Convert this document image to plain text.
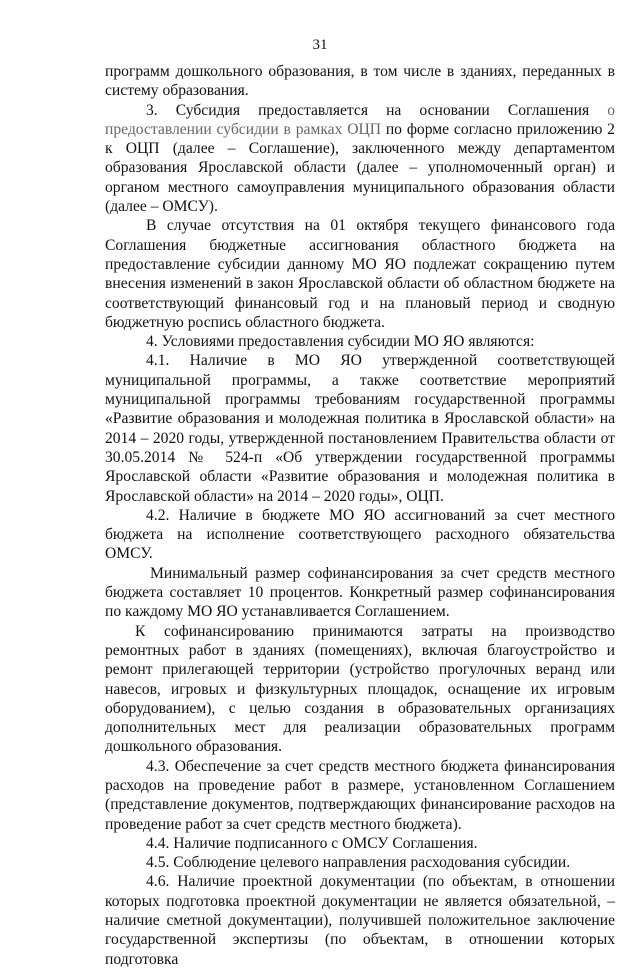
31

программ дошкольного образования, в том числе в зданиях, переданных в систему образования.

3. Субсидия предоставляется на основании Соглашения о предоставлении субсидии в рамках ОЦП по форме согласно приложению 2 к ОЦП (далее – Соглашение), заключенного между департаментом образования Ярославской области (далее – уполномоченный орган) и органом местного самоуправления муниципального образования области (далее – ОМСУ).

В случае отсутствия на 01 октября текущего финансового года Соглашения бюджетные ассигнования областного бюджета на предоставление субсидии данному МО ЯО подлежат сокращению путем внесения изменений в закон Ярославской области об областном бюджете на соответствующий финансовый год и на плановый период и сводную бюджетную роспись областного бюджета.

4. Условиями предоставления субсидии МО ЯО являются:

4.1. Наличие в МО ЯО утвержденной соответствующей муниципальной программы, а также соответствие мероприятий муниципальной программы требованиям государственной программы «Развитие образования и молодежная политика в Ярославской области» на 2014 – 2020 годы, утвержденной постановлением Правительства области от 30.05.2014 № 524-п «Об утверждении государственной программы Ярославской области «Развитие образования и молодежная политика в Ярославской области» на 2014 – 2020 годы», ОЦП.

4.2. Наличие в бюджете МО ЯО ассигнований за счет местного бюджета на исполнение соответствующего расходного обязательства ОМСУ.

Минимальный размер софинансирования за счет средств местного бюджета составляет 10 процентов. Конкретный размер софинансирования по каждому МО ЯО устанавливается Соглашением.

К софинансированию принимаются затраты на производство ремонтных работ в зданиях (помещениях), включая благоустройство и ремонт прилегающей территории (устройство прогулочных веранд или навесов, игровых и физкультурных площадок, оснащение их игровым оборудованием), с целью создания в образовательных организациях дополнительных мест для реализации образовательных программ дошкольного образования.

4.3. Обеспечение за счет средств местного бюджета финансирования расходов на проведение работ в размере, установленном Соглашением (представление документов, подтверждающих финансирование расходов на проведение работ за счет средств местного бюджета).

4.4. Наличие подписанного с ОМСУ Соглашения.

4.5. Соблюдение целевого направления расходования субсидии.

4.6. Наличие проектной документации (по объектам, в отношении которых подготовка проектной документации не является обязательной, – наличие сметной документации), получившей положительное заключение государственной экспертизы (по объектам, в отношении которых подготовка
